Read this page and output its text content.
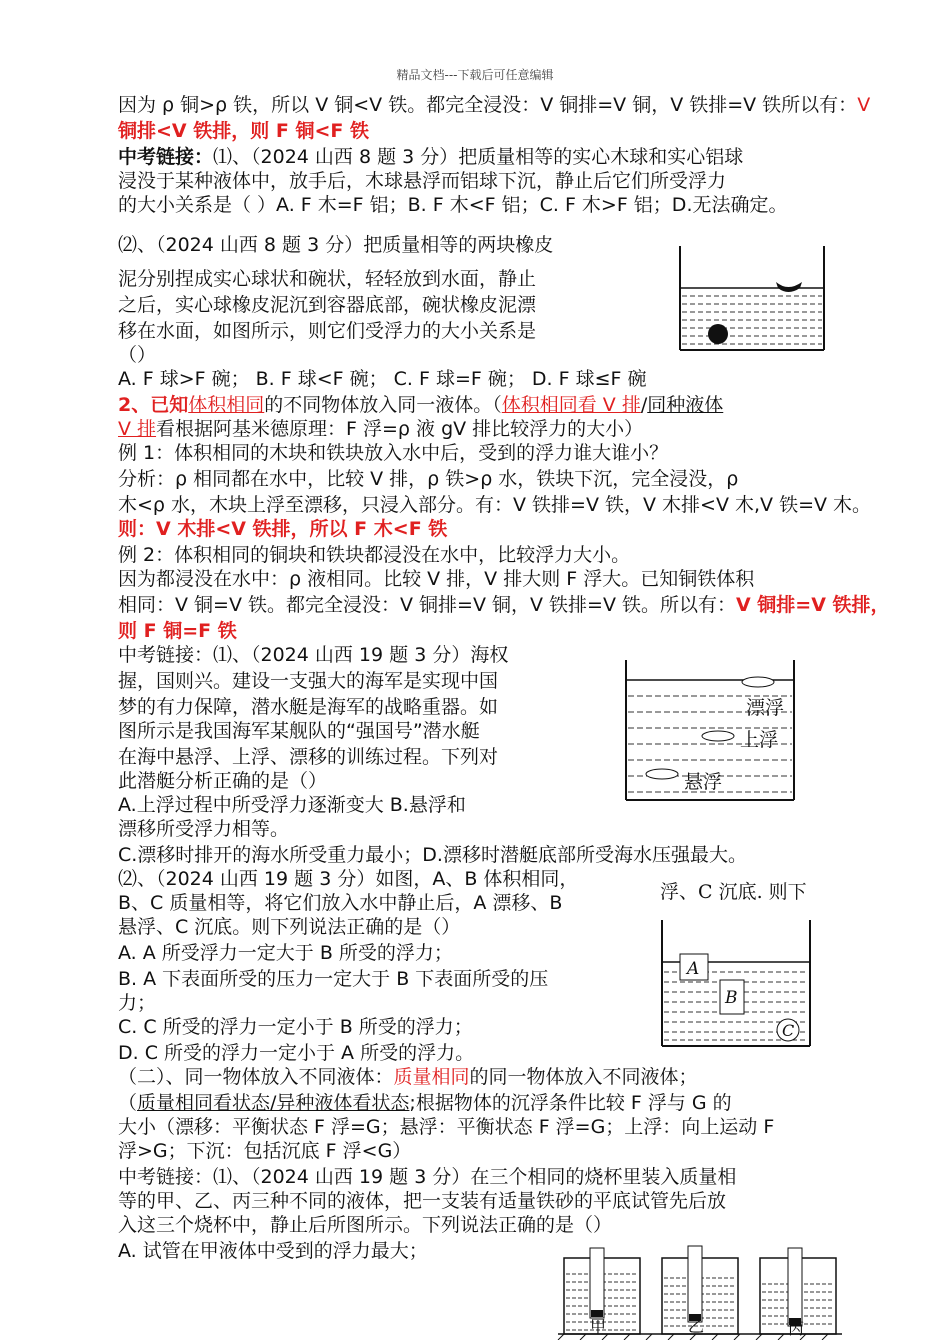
精品文档---下载后可任意编辑
因为 ρ 铜>ρ 铁，所以 V 铜<V 铁。都完全浸没：V 铜排=V 铜，V 铁排=V 铁所以有：V
铜排<V 铁排，则 F 铜<F 铁
中考链接：⑴、（2024 山西 8 题 3 分）把质量相等的实心木球和实心铝球
浸没于某种液体中，放手后，木球悬浮而铝球下沉，静止后它们所受浮力
的大小关系是（ ）A. F 木=F 铝；B. F 木<F 铝；C. F 木>F 铝；D.无法确定。
⑵、（2024 山西 8 题 3 分）把质量相等的两块橡皮
泥分别捏成实心球状和碗状，轻轻放到水面，静止
之后，实心球橡皮泥沉到容器底部，碗状橡皮泥漂
移在水面，如图所示，则它们受浮力的大小关系是
（）
A. F 球>F 碗； B. F 球<F 碗； C. F 球=F 碗； D. F 球≤F 碗
2、已知体积相同的不同物体放入同一液体。（体积相同看 V 排/同种液体
V 排看根据阿基米德原理：F 浮=ρ 液 gV 排比较浮力的大小）
例 1：体积相同的木块和铁块放入水中后，受到的浮力谁大谁小？
分析：ρ 相同都在水中，比较 V 排，ρ 铁>ρ 水，铁块下沉，完全浸没，ρ
木<ρ 水，木块上浮至漂移，只浸入部分。有：V 铁排=V 铁，V 木排<V 木,V 铁=V 木。
则：V 木排<V 铁排，所以 F 木<F 铁
例 2：体积相同的铜块和铁块都浸没在水中，比较浮力大小。
因为都浸没在水中：ρ 液相同。比较 V 排，V 排大则 F 浮大。已知铜铁体积
相同：V 铜=V 铁。都完全浸没：V 铜排=V 铜，V 铁排=V 铁。所以有：V 铜排=V 铁排，
则 F 铜=F 铁
中考链接：⑴、（2024 山西 19 题 3 分）海权
握，国则兴。建设一支强大的海军是实现中国
梦的有力保障，潜水艇是海军的战略重器。如
图所示是我国海军某舰队的“强国号”潜水艇
在海中悬浮、上浮、漂移的训练过程。下列对
此潜艇分析正确的是（）
A.上浮过程中所受浮力逐渐变大 B.悬浮和
漂移所受浮力相等。
C.漂移时排开的海水所受重力最小；D.漂移时潜艇底部所受海水压强最大。
⑵、（2024 山西 19 题 3 分）如图，A、B 体积相同，
B、C 质量相等，将它们放入水中静止后，A 漂移、B
悬浮、C 沉底。则下列说法正确的是（）
A. A 所受浮力一定大于 B 所受的浮力；
B. A 下表面所受的压力一定大于 B 下表面所受的压
力；
C. C 所受的浮力一定小于 B 所受的浮力；
D. C 所受的浮力一定小于 A 所受的浮力。
（二）、同一物体放入不同液体：质量相同的同一物体放入不同液体；
（质量相同看状态/异种液体看状态;根据物体的沉浮条件比较 F 浮与 G 的
大小（漂移：平衡状态 F 浮=G；悬浮：平衡状态 F 浮=G；上浮：向上运动 F
浮>G；下沉：包括沉底 F 浮<G）
中考链接：⑴、（2024 山西 19 题 3 分）在三个相同的烧杯里装入质量相
等的甲、乙、丙三种不同的液体，把一支装有适量铁砂的平底试管先后放
入这三个烧杯中，静止后所图所示。下列说法正确的是（）
A. 试管在甲液体中受到的浮力最大；
漂浮
上浮
悬浮
浮、C 沉底. 则下
A
B
C
甲	乙	丙
